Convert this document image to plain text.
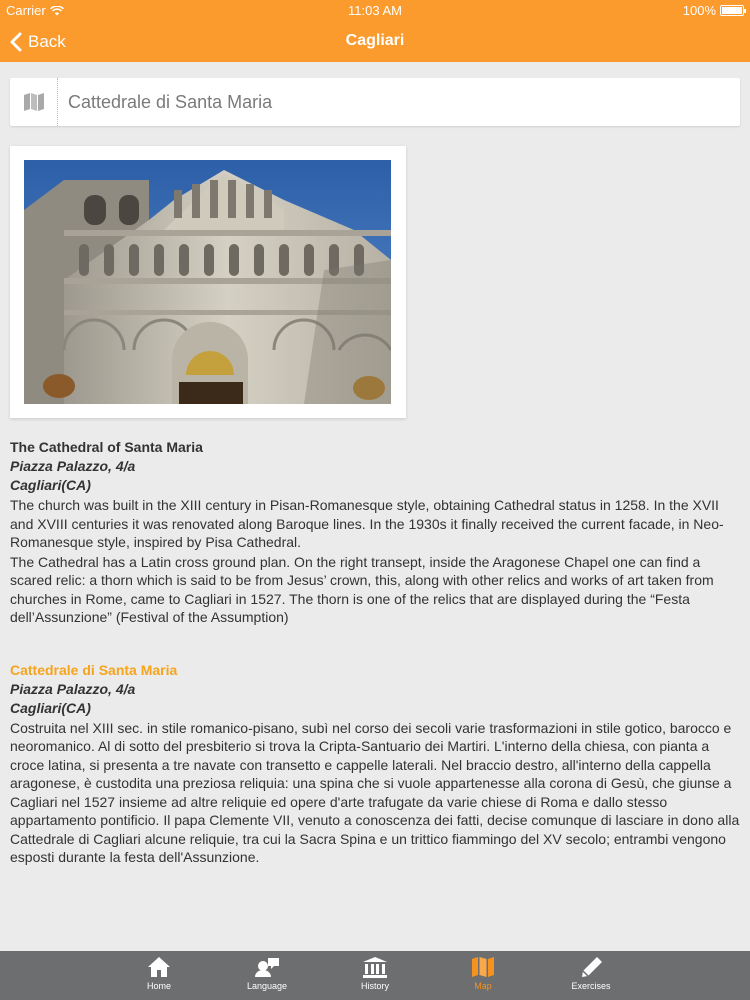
Carrier	11:03 AM	100%
Back	Cagliari
Cattedrale di Santa Maria
The Cathedral of Santa Maria
Piazza Palazzo, 4/a
Cagliari(CA)
The church was built in the XIII century in Pisan-Romanesque style, obtaining Cathedral status in 1258. In the XVII and XVIII centuries it was renovated along Baroque lines. In the 1930s it finally received the current facade, in Neo-Romanesque style, inspired by Pisa Cathedral.
The Cathedral has a Latin cross ground plan. On the right transept, inside the Aragonese Chapel one can find a scared relic: a thorn which is said to be from Jesus’ crown, this, along with other relics and works of art taken from churches in Rome, came to Cagliari in 1527. The thorn is one of the relics that are displayed during the “Festa dell’Assunzione” (Festival of the Assumption)
Cattedrale di Santa Maria
Piazza Palazzo, 4/a
Cagliari(CA)
Costruita nel XIII sec. in stile romanico-pisano, subì nel corso dei secoli varie trasformazioni in stile gotico, barocco e neoromanico. Al di sotto del presbiterio si trova la Cripta-Santuario dei Martiri. L'interno della chiesa, con pianta a croce latina, si presenta a tre navate con transetto e cappelle laterali. Nel braccio destro, all'interno della cappella aragonese, è custodita una preziosa reliquia: una spina che si vuole appartenesse alla corona di Gesù, che giunse a Cagliari nel 1527 insieme ad altre reliquie ed opere d'arte trafugate da varie chiese di Roma e dallo stesso appartamento pontificio. Il papa Clemente VII, venuto a conoscenza dei fatti, decise comunque di lasciare in dono alla Cattedrale di Cagliari alcune reliquie, tra cui la Sacra Spina e un trittico fiammingo del XV secolo; entrambi vengono esposti durante la festa dell'Assunzione.
Home	Language	History	Map	Exercises
